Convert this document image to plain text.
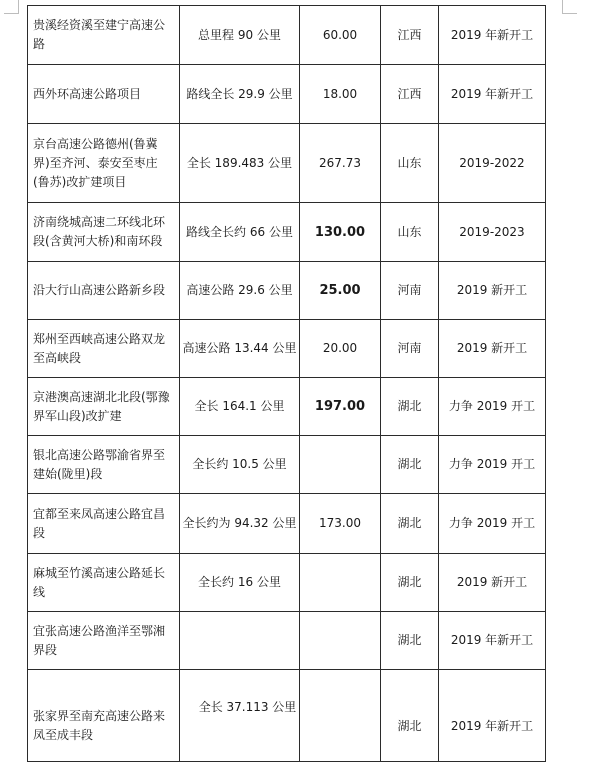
贵溪经资溪至建宁高速公路	总里程 90 公里	60.00	江西	2019 年新开工
西外环高速公路项目	路线全长 29.9 公里	18.00	江西	2019 年新开工
京台高速公路德州(鲁冀界)至齐河、泰安至枣庄(鲁苏)改扩建项目	全长 189.483 公里	267.73	山东	2019-2022
济南绕城高速二环线北环段(含黄河大桥)和南环段	路线全长约 66 公里	130.00	山东	2019-2023
沿大行山高速公路新乡段	高速公路 29.6 公里	25.00	河南	2019 新开工
郑州至西峡高速公路双龙至高峡段	高速公路 13.44 公里	20.00	河南	2019 新开工
京港澳高速湖北北段(鄂豫界军山段)改扩建	全长 164.1 公里	197.00	湖北	力争 2019 开工
银北高速公路鄂渝省界至建始(陇里)段	全长约 10.5 公里		湖北	力争 2019 开工
宜都至来凤高速公路宜昌段	全长约为 94.32 公里	173.00	湖北	力争 2019 开工
麻城至竹溪高速公路延长线	全长约 16 公里		湖北	2019 新开工
宜张高速公路渔洋至鄂湘界段			湖北	2019 年新开工
张家界至南充高速公路来凤至成丰段	全长 37.113 公里		湖北	2019 年新开工
